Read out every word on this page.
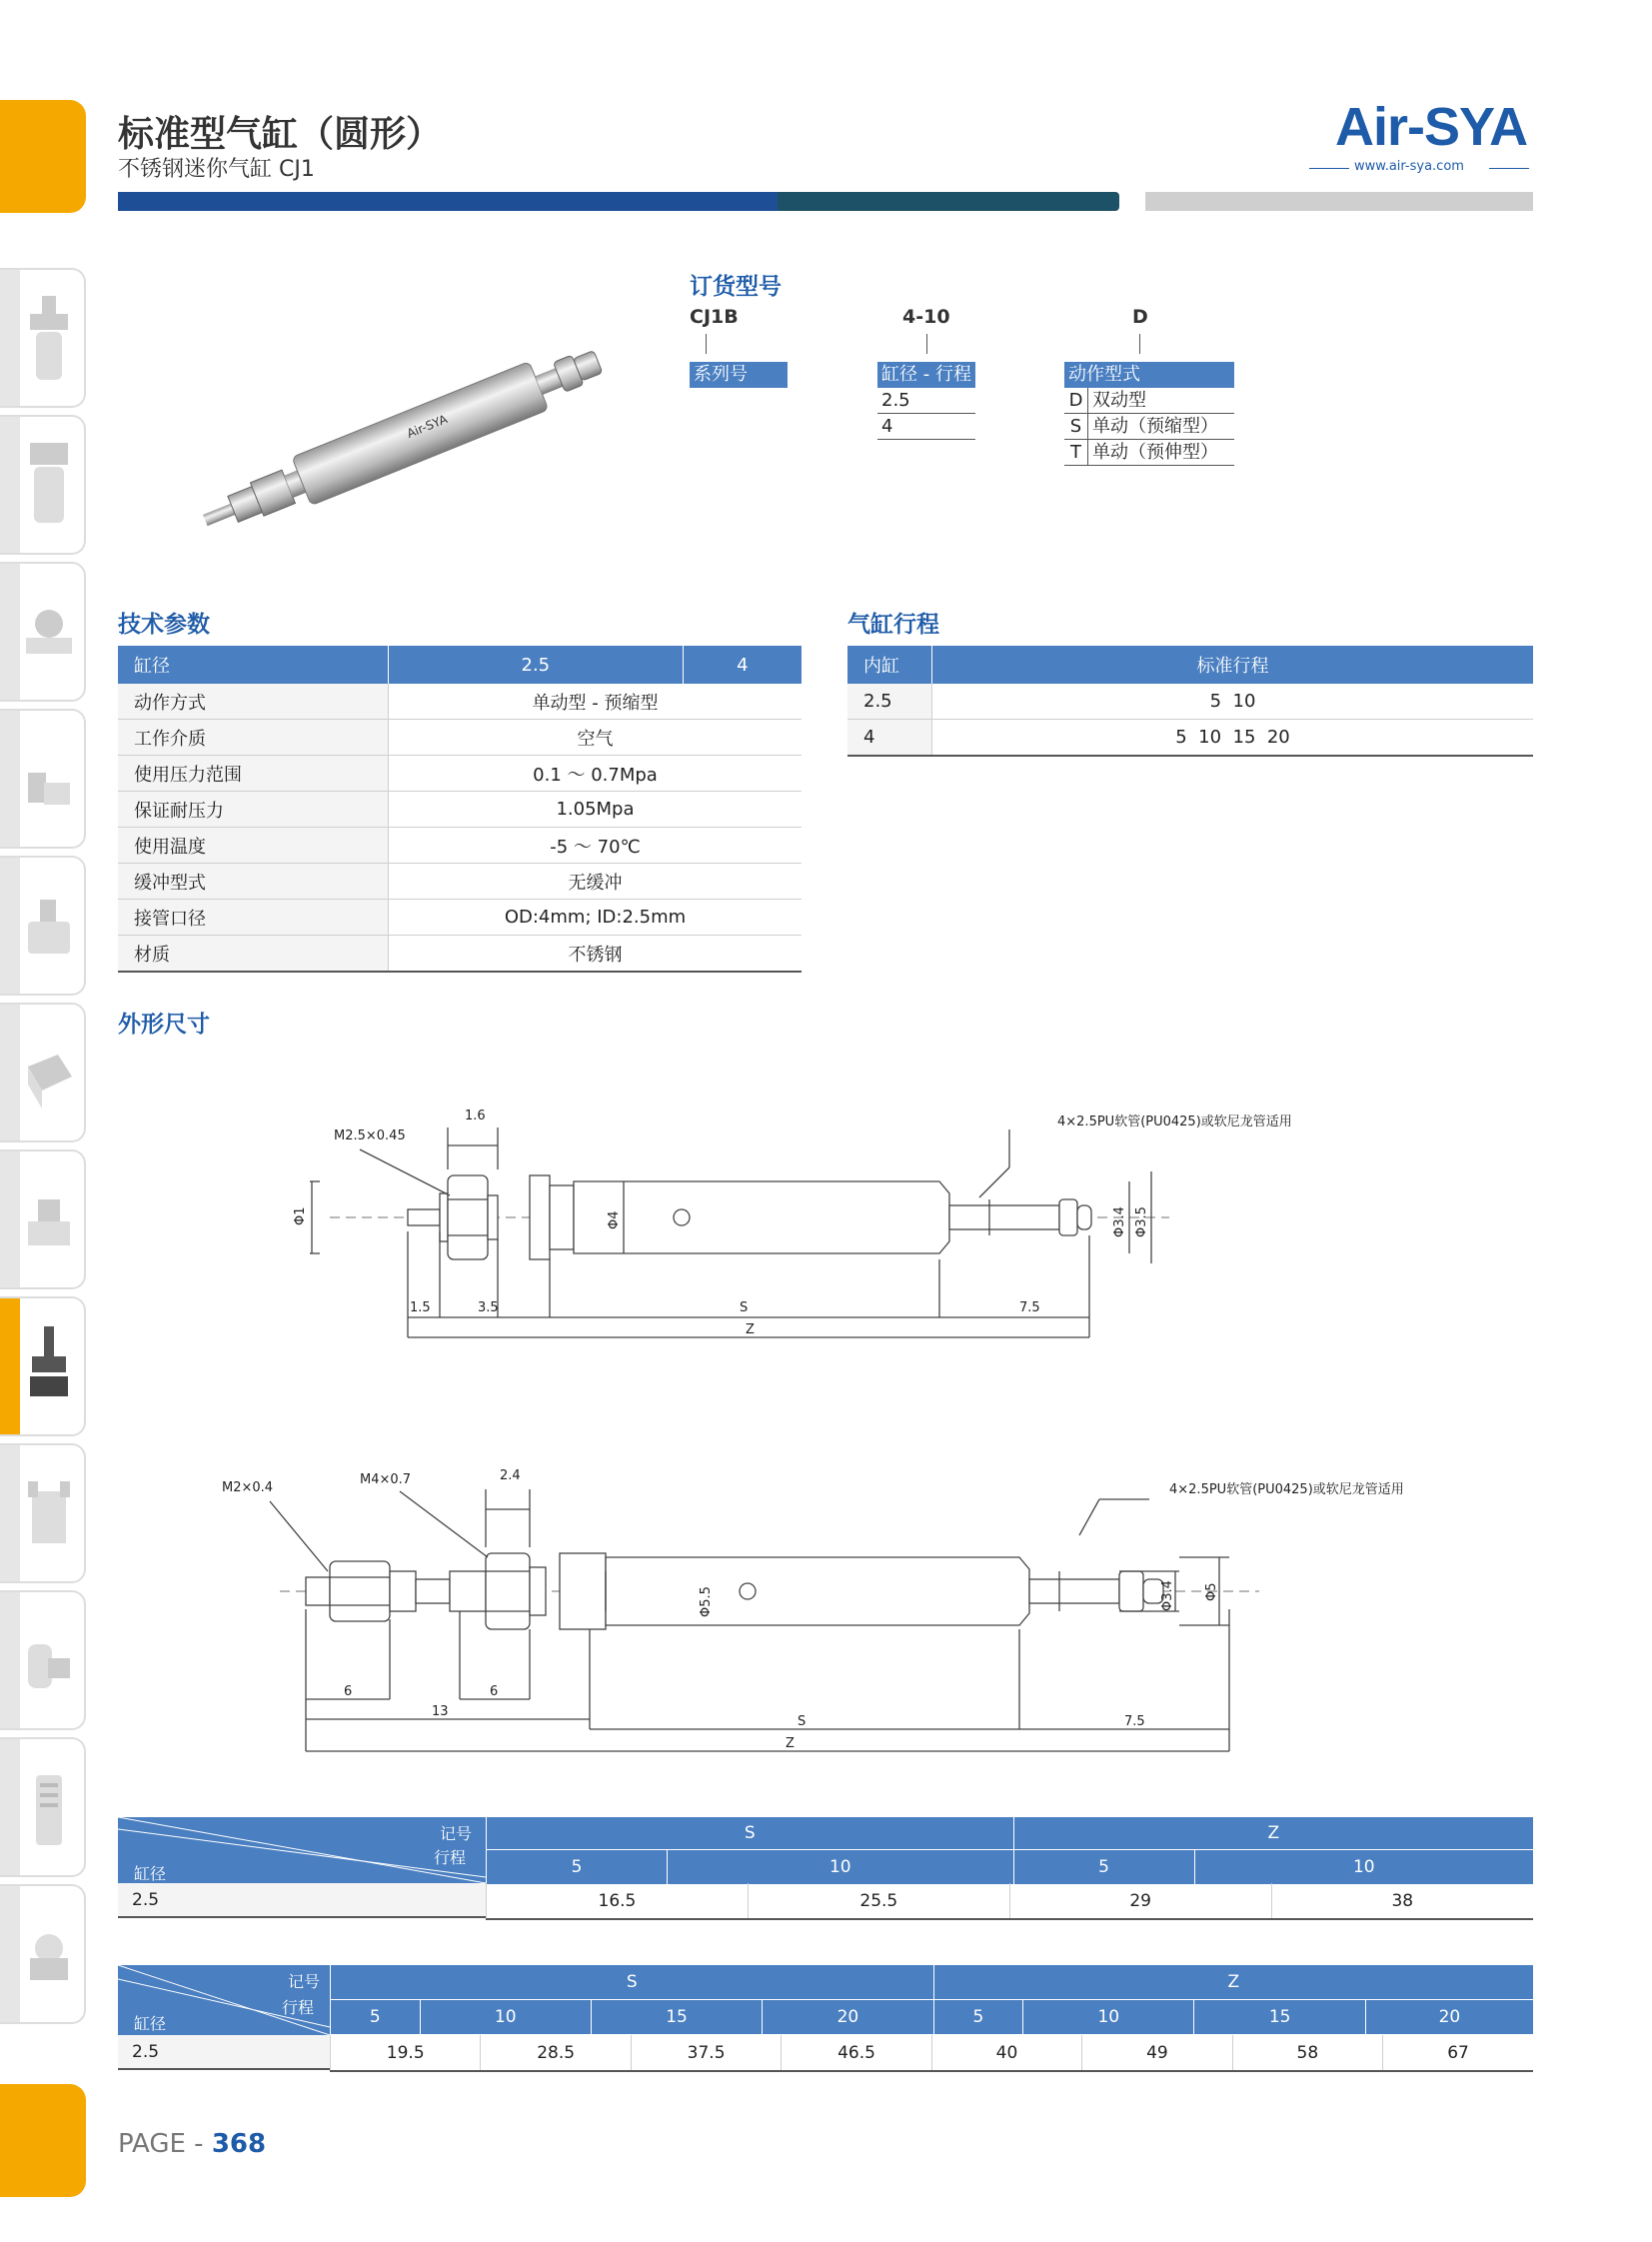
标准型气缸（圆形）
不锈钢迷你气缸 CJ1
Air-SYA
www.air-sya.com
Air-SYA
订货型号
CJ1B	4-10	D
系列号	缸径 - 行程
2.5
4
动作型式
D 双动型
S 单动（预缩型）
T 单动（预伸型）
技术参数
缸径	2.5	4
动作方式	单动型 - 预缩型	
工作介质	空气	
使用压力范围	0.1 ～ 0.7Mpa	
保证耐压力	1.05Mpa	
使用温度	-5 ～ 70℃	
缓冲型式	无缓冲	
接管口径	OD:4mm; ID:2.5mm	
材质	不锈钢	
气缸行程
内缸	标准行程
2.5	5  10
4	5  10  15  20
外形尺寸
M2.5×0.45
1.6	4×2.5PU软管(PU0425)或软尼龙管适用
Φ1	Φ4	Φ3.4 Φ3.5
1.5	3.5	S	7.5
Z
M2×0.4
M4×0.7	2.4
4×2.5PU软管(PU0425)或软尼龙管适用
Φ5.5	Φ3.4 Φ5
6	6
13
S	7.5
Z
记号
行程
缸径
S		Z	
5	10	5	10
2.5	16.5	25.5	29	38
记号
行程
缸径
S				Z			
5	10	15	20	5	10	15	20
2.5	19.5	28.5	37.5	46.5	40	49	58	67
PAGE - 368
